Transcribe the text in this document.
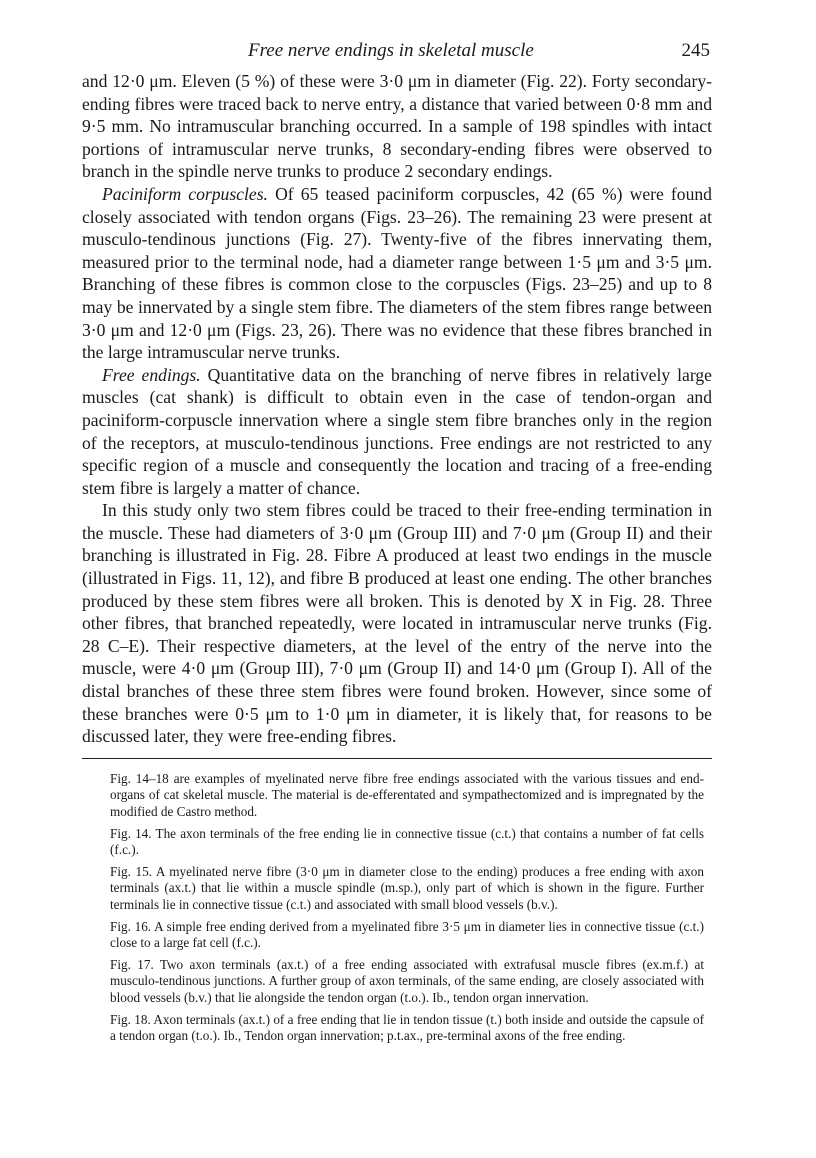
Free nerve endings in skeletal muscle	245

and 12·0 μm. Eleven (5 %) of these were 3·0 μm in diameter (Fig. 22). Forty secondary-ending fibres were traced back to nerve entry, a distance that varied between 0·8 mm and 9·5 mm. No intramuscular branching occurred. In a sample of 198 spindles with intact portions of intramuscular nerve trunks, 8 secondary-ending fibres were observed to branch in the spindle nerve trunks to produce 2 secondary endings.

Paciniform corpuscles. Of 65 teased paciniform corpuscles, 42 (65 %) were found closely associated with tendon organs (Figs. 23–26). The remaining 23 were present at musculo-tendinous junctions (Fig. 27). Twenty-five of the fibres innervating them, measured prior to the terminal node, had a diameter range between 1·5 μm and 3·5 μm. Branching of these fibres is common close to the corpuscles (Figs. 23–25) and up to 8 may be innervated by a single stem fibre. The diameters of the stem fibres range between 3·0 μm and 12·0 μm (Figs. 23, 26). There was no evidence that these fibres branched in the large intramuscular nerve trunks.

Free endings. Quantitative data on the branching of nerve fibres in relatively large muscles (cat shank) is difficult to obtain even in the case of tendon-organ and paciniform-corpuscle innervation where a single stem fibre branches only in the region of the receptors, at musculo-tendinous junctions. Free endings are not restricted to any specific region of a muscle and consequently the location and tracing of a free-ending stem fibre is largely a matter of chance.

In this study only two stem fibres could be traced to their free-ending termination in the muscle. These had diameters of 3·0 μm (Group III) and 7·0 μm (Group II) and their branching is illustrated in Fig. 28. Fibre A produced at least two endings in the muscle (illustrated in Figs. 11, 12), and fibre B produced at least one ending. The other branches produced by these stem fibres were all broken. This is denoted by X in Fig. 28. Three other fibres, that branched repeatedly, were located in intramuscular nerve trunks (Fig. 28 C–E). Their respective diameters, at the level of the entry of the nerve into the muscle, were 4·0 μm (Group III), 7·0 μm (Group II) and 14·0 μm (Group I). All of the distal branches of these three stem fibres were found broken. However, since some of these branches were 0·5 μm to 1·0 μm in diameter, it is likely that, for reasons to be discussed later, they were free-ending fibres.

Fig. 14–18 are examples of myelinated nerve fibre free endings associated with the various tissues and end-organs of cat skeletal muscle. The material is de-efferentated and sympathectomized and is impregnated by the modified de Castro method.

Fig. 14. The axon terminals of the free ending lie in connective tissue (c.t.) that contains a number of fat cells (f.c.).

Fig. 15. A myelinated nerve fibre (3·0 μm in diameter close to the ending) produces a free ending with axon terminals (ax.t.) that lie within a muscle spindle (m.sp.), only part of which is shown in the figure. Further terminals lie in connective tissue (c.t.) and associated with small blood vessels (b.v.).

Fig. 16. A simple free ending derived from a myelinated fibre 3·5 μm in diameter lies in connective tissue (c.t.) close to a large fat cell (f.c.).

Fig. 17. Two axon terminals (ax.t.) of a free ending associated with extrafusal muscle fibres (ex.m.f.) at musculo-tendinous junctions. A further group of axon terminals, of the same ending, are closely associated with blood vessels (b.v.) that lie alongside the tendon organ (t.o.). Ib., tendon organ innervation.

Fig. 18. Axon terminals (ax.t.) of a free ending that lie in tendon tissue (t.) both inside and outside the capsule of a tendon organ (t.o.). Ib., Tendon organ innervation; p.t.ax., pre-terminal axons of the free ending.
